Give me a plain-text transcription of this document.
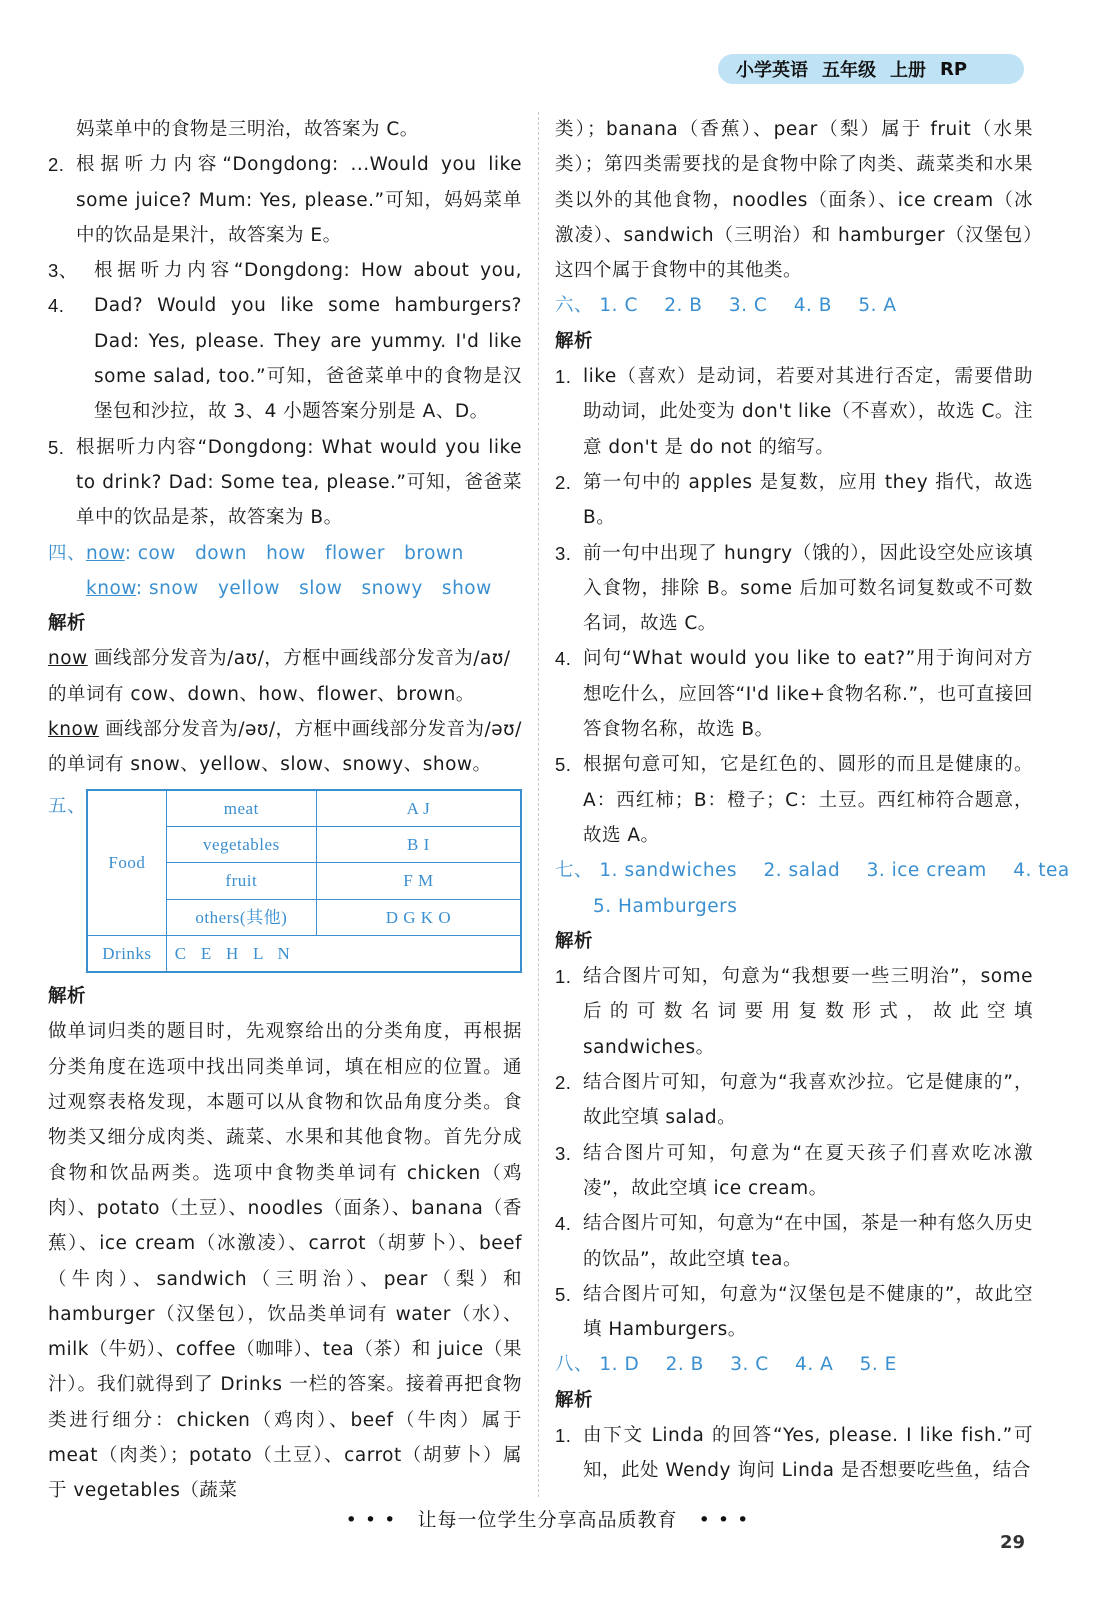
小学英语 五年级 上册 RP

妈菜单中的食物是三明治，故答案为 C。

2. 根据听力内容“Dongdong: ...Would you like some juice? Mum: Yes, please.”可知，妈妈菜单中的饮品是果汁，故答案为 E。
3、4.
根据听力内容“Dongdong: How about you, Dad? Would you like some hamburgers? Dad: Yes, please. They are yummy. I'd like some salad, too.”可知，爸爸菜单中的食物是汉堡包和沙拉，故 3、4 小题答案分别是 A、D。
5. 根据听力内容“Dongdong: What would you like to drink? Dad: Some tea, please.”可知，爸爸菜单中的饮品是茶，故答案为 B。

四、now: cow   down   how   flower   brown

know: snow   yellow   slow   snowy   show

解析

now 画线部分发音为/aʊ/，方框中画线部分发音为/aʊ/的单词有 cow、down、how、flower、brown。

know 画线部分发音为/əʊ/，方框中画线部分发音为/əʊ/的单词有 snow、yellow、slow、snowy、show。

五、
Food	meat	A J
	vegetables	B I
	fruit	F M
	others(其他)	D G K O
Drinks	C   E   H   L   N	

解析

做单词归类的题目时，先观察给出的分类角度，再根据分类角度在选项中找出同类单词，填在相应的位置。通过观察表格发现，本题可以从食物和饮品角度分类。食物类又细分成肉类、蔬菜、水果和其他食物。首先分成食物和饮品两类。选项中食物类单词有 chicken（鸡肉）、potato（土豆）、noodles（面条）、banana（香蕉）、ice cream（冰激凌）、carrot（胡萝卜）、beef（牛肉）、sandwich（三明治）、pear（梨）和 hamburger（汉堡包），饮品类单词有 water（水）、milk（牛奶）、coffee（咖啡）、tea（茶）和 juice（果汁）。我们就得到了 Drinks 一栏的答案。接着再把食物类进行细分：chicken（鸡肉）、beef（牛肉）属于 meat（肉类）；potato（土豆）、carrot（胡萝卜）属于 vegetables（蔬菜

类）；banana（香蕉）、pear（梨）属于 fruit（水果类）；第四类需要找的是食物中除了肉类、蔬菜类和水果类以外的其他食物，noodles（面条）、ice cream（冰激凌）、sandwich（三明治）和 hamburger（汉堡包）这四个属于食物中的其他类。

六、 1. C 2. B 3. C 4. B 5. A

解析

1. like（喜欢）是动词，若要对其进行否定，需要借助助动词，此处变为 don't like（不喜欢），故选 C。注意 don't 是 do not 的缩写。
2. 第一句中的 apples 是复数，应用 they 指代，故选 B。
3. 前一句中出现了 hungry（饿的），因此设空处应该填入食物，排除 B。some 后加可数名词复数或不可数名词，故选 C。
4. 问句“What would you like to eat?”用于询问对方想吃什么，应回答“I'd like+食物名称.”，也可直接回答食物名称，故选 B。
5. 根据句意可知，它是红色的、圆形的而且是健康的。A：西红柿；B：橙子；C：土豆。西红柿符合题意，故选 A。

七、 1. sandwiches 2. salad 3. ice cream 4. tea

5. Hamburgers

解析

1. 结合图片可知，句意为“我想要一些三明治”，some 后的可数名词要用复数形式，故此空填 sandwiches。
2. 结合图片可知，句意为“我喜欢沙拉。它是健康的”，故此空填 salad。
3. 结合图片可知，句意为“在夏天孩子们喜欢吃冰激凌”，故此空填 ice cream。
4. 结合图片可知，句意为“在中国，茶是一种有悠久历史的饮品”，故此空填 tea。
5. 结合图片可知，句意为“汉堡包是不健康的”，故此空填 Hamburgers。

八、 1. D 2. B 3. C 4. A 5. E

解析

1. 由下文 Linda 的回答“Yes, please. I like fish.”可知，此处 Wendy 询问 Linda 是否想要吃些鱼，结合
• • •   让每一位学生分享高品质教育   • • •
29
